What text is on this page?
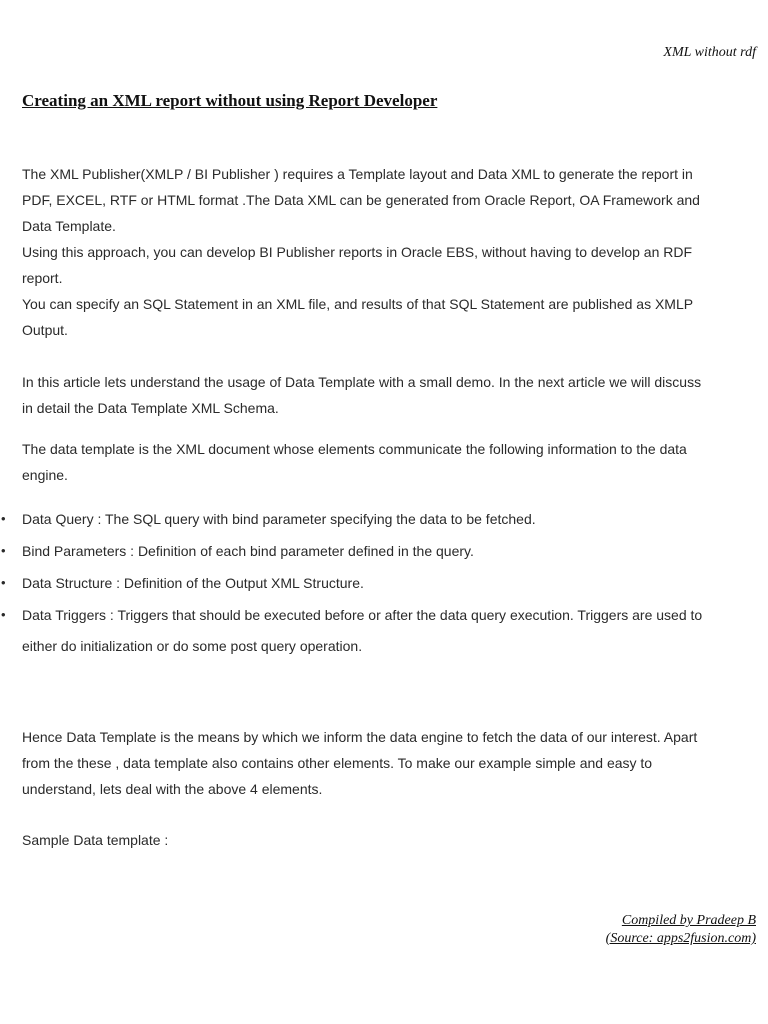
XML without rdf
Creating an XML report without using Report Developer
The XML Publisher(XMLP / BI Publisher ) requires a Template layout and Data XML to generate the report in
PDF, EXCEL, RTF or HTML format .The Data XML can be generated from Oracle Report, OA Framework and
Data Template.
Using this approach, you can develop BI Publisher reports in Oracle EBS, without having to develop an RDF
report.
You can specify an SQL Statement in an XML file, and results of that SQL Statement are published as XMLP
Output.
In this article lets understand the usage of Data Template with a small demo. In the next article we will discuss
in detail the Data Template XML Schema.
The data template is the XML document whose elements communicate the following information to the data
engine.
• Data Query : The SQL query with bind parameter specifying the data to be fetched.
• Bind Parameters : Definition of each bind parameter defined in the query.
• Data Structure : Definition of the Output XML Structure.
• Data Triggers : Triggers that should be executed before or after the data query execution. Triggers are used to
either do initialization or do some post query operation.
Hence Data Template is the means by which we inform the data engine to fetch the data of our interest. Apart
from the these , data template also contains other elements. To make our example simple and easy to
understand, lets deal with the above 4 elements.
Sample Data template :
Compiled by Pradeep B
(Source: apps2fusion.com)
